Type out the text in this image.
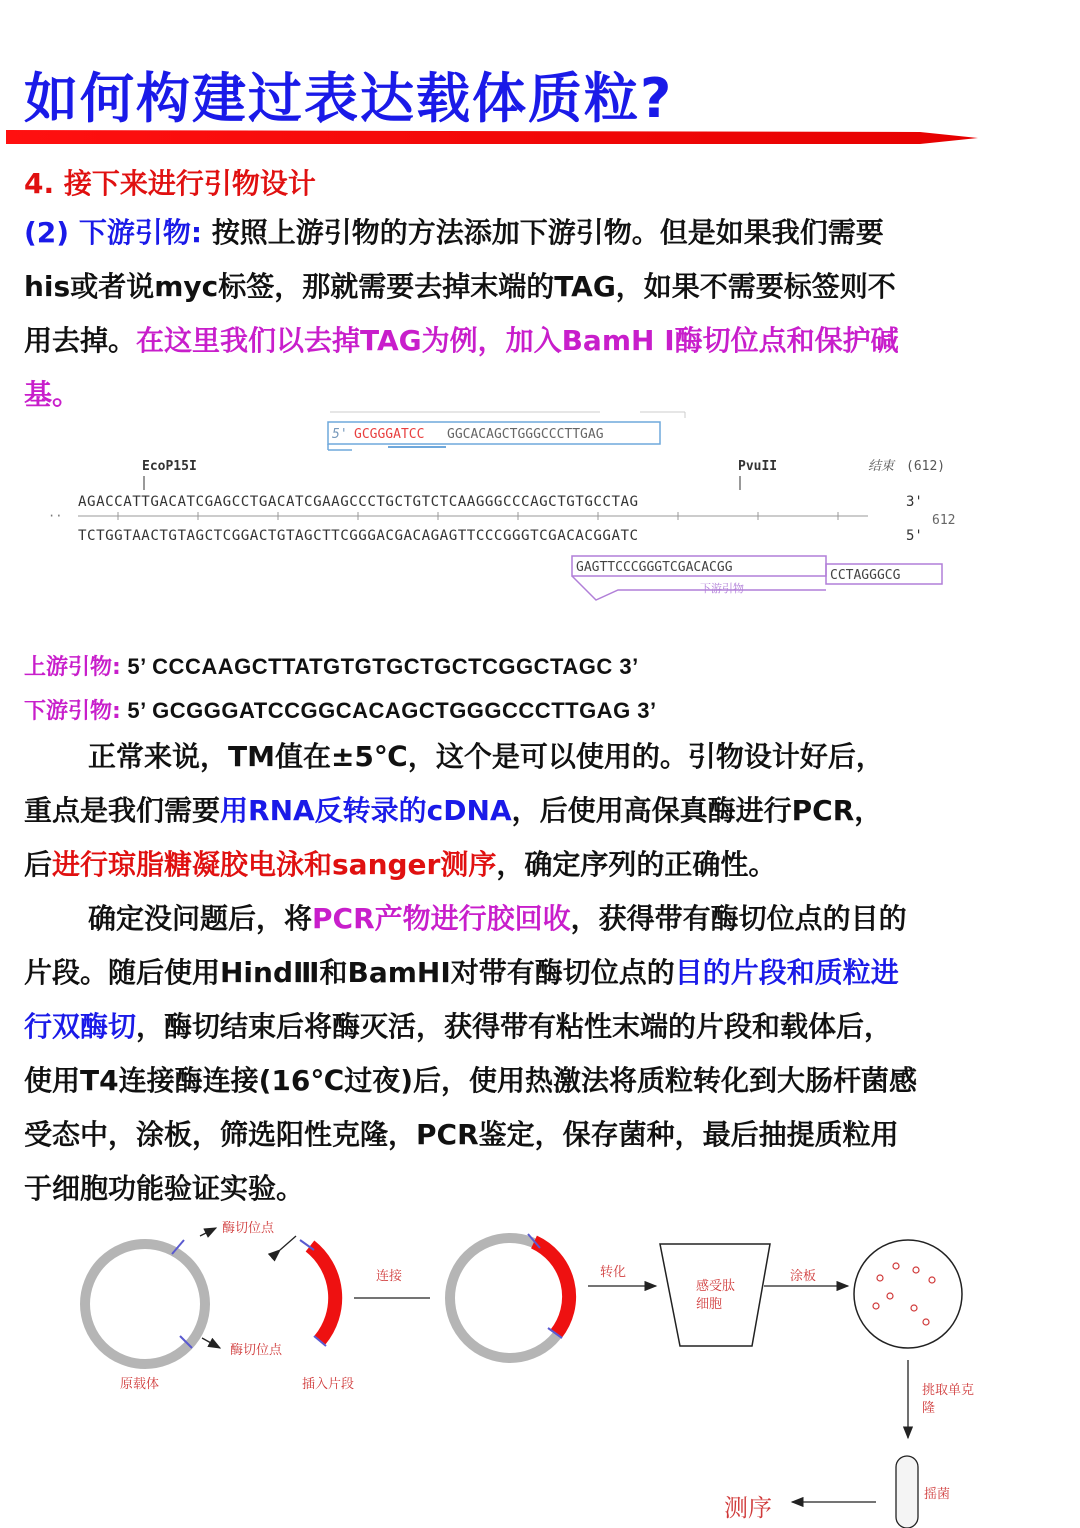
如何构建过表达载体质粒?
4. 接下来进行引物设计
(2) 下游引物: 按照上游引物的方法添加下游引物。但是如果我们需要
his或者说myc标签，那就需要去掉末端的TAG，如果不需要标签则不
用去掉。在这里我们以去掉TAG为例，加入BamH Ⅰ酶切位点和保护碱
基。
5' GCGGGATCC GGCACAGCTGGGCCCTTGAG
EcoP15I	PvuII	结束 (612)
AGACCATTGACATCGAGCCTGACATCGAAGCCCTGCTGTCTCAAGGGCCCAGCTGTGCCTAG	3'
··	612
TCTGGTAACTGTAGCTCGGACTGTAGCTTCGGGACGACAGAGTTCCCGGGTCGACACGGATC	5'
GAGTTCCCGGGTCGACACGG
CCTAGGGCG
下游引物
上游引物: 5’ CCCAAGCTTATGTGTGCTGCTCGGCTAGC 3’
下游引物: 5’ GCGGGATCCGGCACAGCTGGGCCCTTGAG 3’
正常来说，TM值在±5℃，这个是可以使用的。引物设计好后，
重点是我们需要用RNA反转录的cDNA，后使用高保真酶进行PCR，
后进行琼脂糖凝胶电泳和sanger测序，确定序列的正确性。
确定没问题后，将PCR产物进行胶回收，获得带有酶切位点的目的
片段。随后使用HindⅢ和BamHⅠ对带有酶切位点的目的片段和质粒进
行双酶切，酶切结束后将酶灭活，获得带有粘性末端的片段和载体后，
使用T4连接酶连接(16℃过夜)后，使用热激法将质粒转化到大肠杆菌感
受态中，涂板，筛选阳性克隆，PCR鉴定，保存菌种，最后抽提质粒用
于细胞功能验证实验。
酶切位点
酶切位点
原载体	插入片段
连接	转化
感受肽
细胞
涂板
挑取单克
隆
摇菌
测序
